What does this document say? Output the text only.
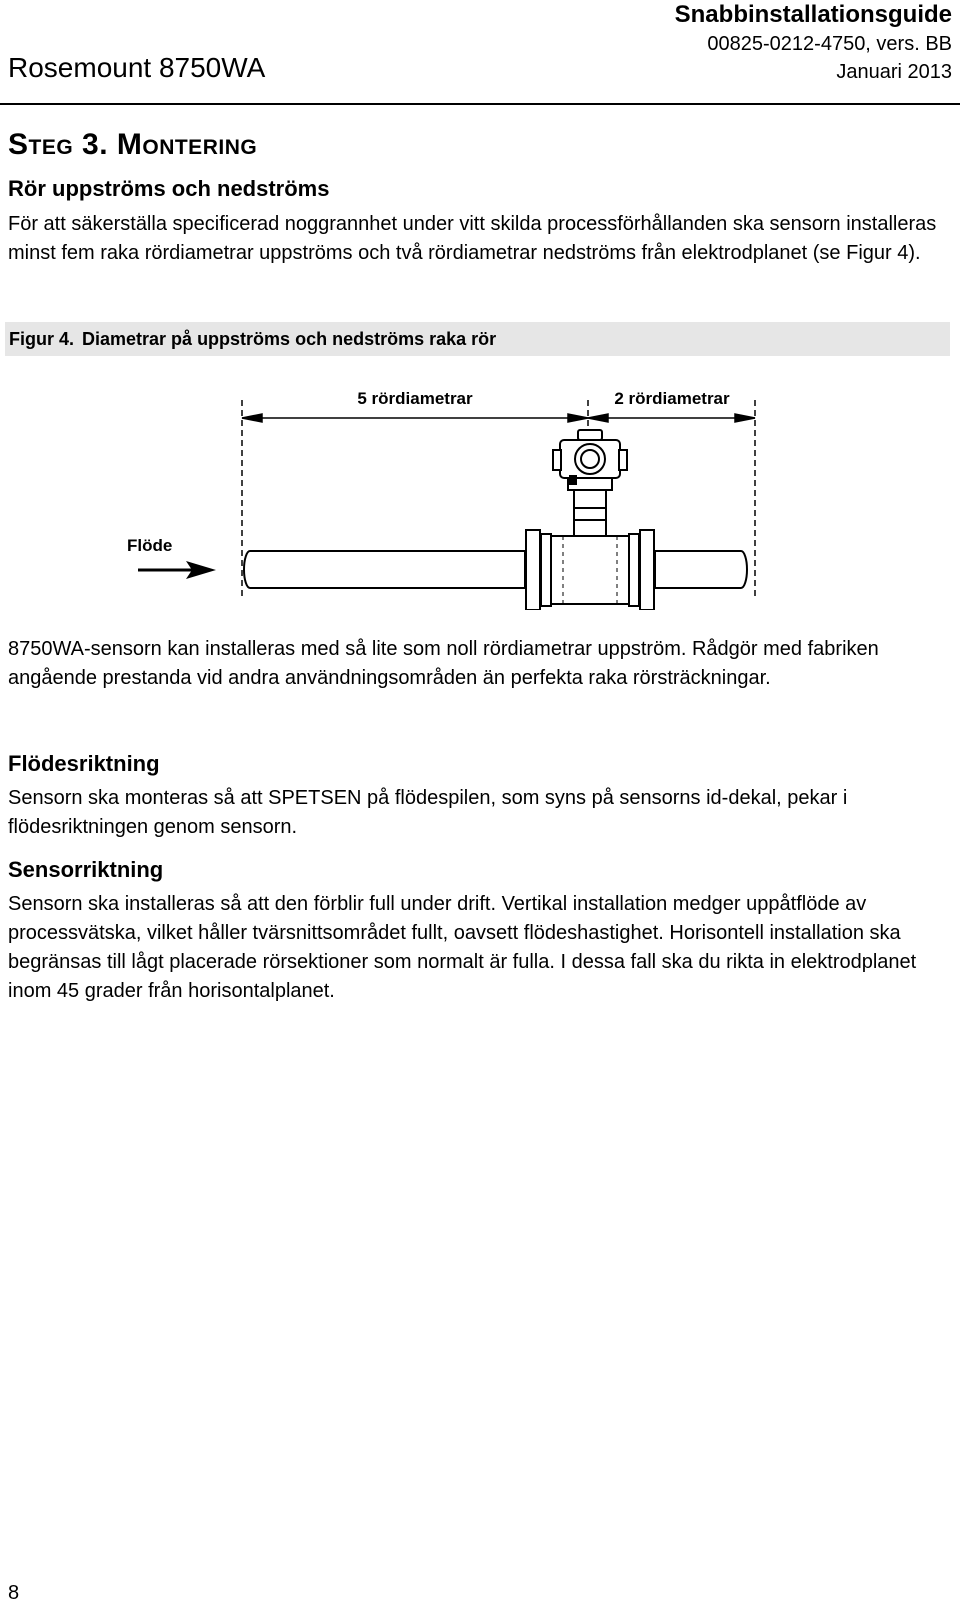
Rosemount 8750WA
Snabbinstallationsguide
00825-0212-4750, vers. BB
Januari 2013
Steg 3. Montering
Rör uppströms och nedströms

För att säkerställa specificerad noggrannhet under vitt skilda processförhållanden ska sensorn installeras minst fem raka rördiametrar uppströms och två rördiametrar nedströms från elektrodplanet (se Figur 4).

Figur 4. Diametrar på uppströms och nedströms raka rör
5 rördiametrar	2 rördiametrar
Flöde

8750WA-sensorn kan installeras med så lite som noll rördiametrar uppström. Rådgör med fabriken angående prestanda vid andra användningsområden än perfekta raka rörsträckningar.

Flödesriktning

Sensorn ska monteras så att SPETSEN på flödespilen, som syns på sensorns id-dekal, pekar i flödesriktningen genom sensorn.

Sensorriktning

Sensorn ska installeras så att den förblir full under drift. Vertikal installation medger uppåtflöde av processvätska, vilket håller tvärsnittsområdet fullt, oavsett flödeshastighet. Horisontell installation ska begränsas till lågt placerade rörsektioner som normalt är fulla. I dessa fall ska du rikta in elektrodplanet inom 45 grader från horisontalplanet.

8
